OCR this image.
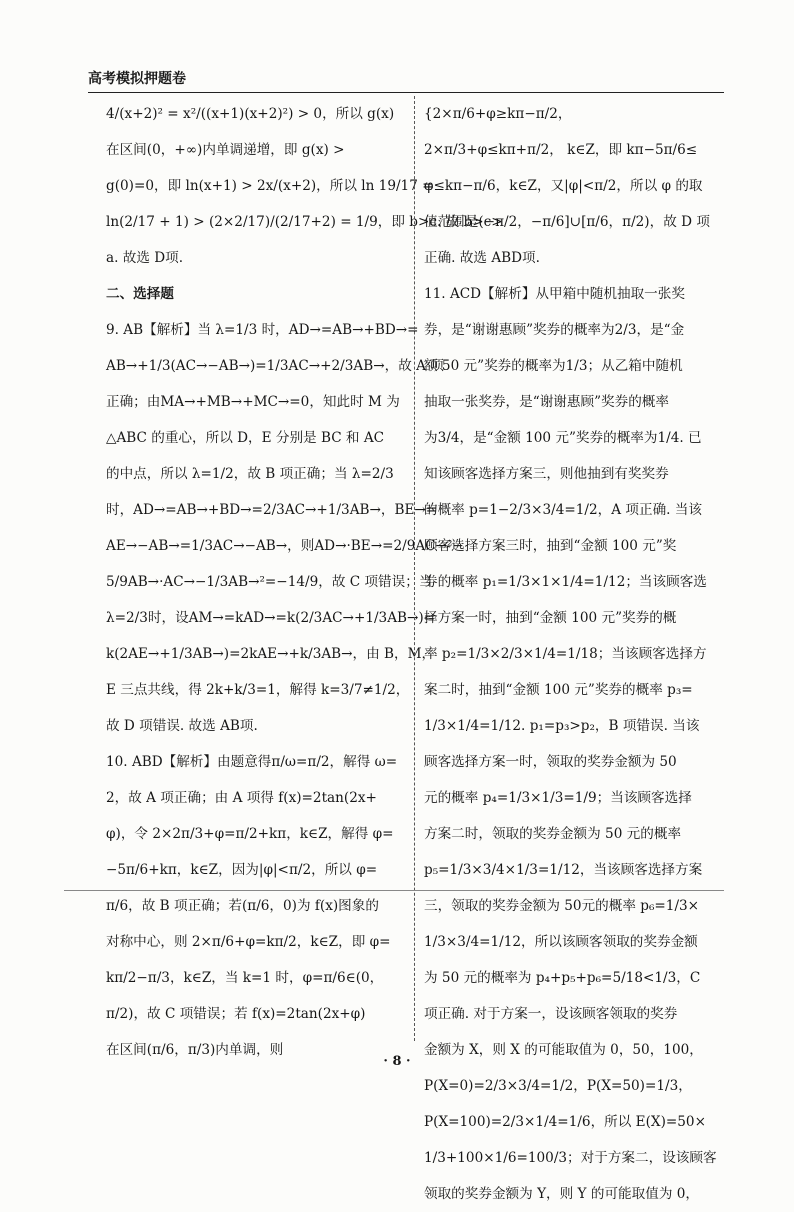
高考模拟押题卷
4/(x+2)² = x²/((x+1)(x+2)²) > 0，所以 g(x)
在区间(0，+∞)内单调递增，即 g(x) >
g(0)=0，即 ln(x+1) > 2x/(x+2)，所以 ln 19/17 =
ln(2/17 + 1) > (2×2/17)/(2/17+2) = 1/9，即 b>c. 故 b>c>
a. 故选 D项.
二、选择题
9. AB【解析】当 λ=1/3 时，AD→=AB→+BD→=
AB→+1/3(AC→−AB→)=1/3AC→+2/3AB→，故 A 项
正确；由MA→+MB→+MC→=0，知此时 M 为
△ABC 的重心，所以 D，E 分别是 BC 和 AC
的中点，所以 λ=1/2，故 B 项正确；当 λ=2/3
时，AD→=AB→+BD→=2/3AC→+1/3AB→，BE→=
AE→−AB→=1/3AC→−AB→，则AD→·BE→=2/9AC→²−
5/9AB→·AC→−1/3AB→²=−14/9，故 C 项错误；当
λ=2/3时，设AM→=kAD→=k(2/3AC→+1/3AB→)=
k(2AE→+1/3AB→)=2kAE→+k/3AB→，由 B，M，
E 三点共线，得 2k+k/3=1，解得 k=3/7≠1/2，
故 D 项错误. 故选 AB项.
10. ABD【解析】由题意得π/ω=π/2，解得 ω=
2，故 A 项正确；由 A 项得 f(x)=2tan(2x+
φ)，令 2×2π/3+φ=π/2+kπ，k∈Z，解得 φ=
−5π/6+kπ，k∈Z，因为|φ|<π/2，所以 φ=
π/6，故 B 项正确；若(π/6，0)为 f(x)图象的
对称中心，则 2×π/6+φ=kπ/2，k∈Z，即 φ=
kπ/2−π/3，k∈Z，当 k=1 时，φ=π/6∈(0，
π/2)，故 C 项错误；若 f(x)=2tan(2x+φ)
在区间(π/6，π/3)内单调，则
{2×π/6+φ≥kπ−π/2，
2×π/3+φ≤kπ+π/2， k∈Z，即 kπ−5π/6≤
φ≤kπ−π/6，k∈Z，又|φ|<π/2，所以 φ 的取
值范围是(−π/2，−π/6]∪[π/6，π/2)，故 D 项
正确. 故选 ABD项.
11. ACD【解析】从甲箱中随机抽取一张奖
券，是“谢谢惠顾”奖券的概率为2/3，是“金
额 50 元”奖券的概率为1/3；从乙箱中随机
抽取一张奖券，是“谢谢惠顾”奖券的概率
为3/4，是“金额 100 元”奖券的概率为1/4. 已
知该顾客选择方案三，则他抽到有奖奖券
的概率 p=1−2/3×3/4=1/2，A 项正确. 当该
顾客选择方案三时，抽到“金额 100 元”奖
券的概率 p₁=1/3×1×1/4=1/12；当该顾客选
择方案一时，抽到“金额 100 元”奖券的概
率 p₂=1/3×2/3×1/4=1/18；当该顾客选择方
案二时，抽到“金额 100 元”奖券的概率 p₃=
1/3×1/4=1/12. p₁=p₃>p₂，B 项错误. 当该
顾客选择方案一时，领取的奖券金额为 50
元的概率 p₄=1/3×1/3=1/9；当该顾客选择
方案二时，领取的奖券金额为 50 元的概率
p₅=1/3×3/4×1/3=1/12，当该顾客选择方案
三，领取的奖券金额为 50元的概率 p₆=1/3×
1/3×3/4=1/12，所以该顾客领取的奖券金额
为 50 元的概率为 p₄+p₅+p₆=5/18<1/3，C
项正确. 对于方案一，设该顾客领取的奖券
金额为 X，则 X 的可能取值为 0，50，100，
P(X=0)=2/3×3/4=1/2，P(X=50)=1/3，
P(X=100)=2/3×1/4=1/6，所以 E(X)=50×
1/3+100×1/6=100/3；对于方案二，设该顾客
领取的奖券金额为 Y，则 Y 的可能取值为 0，
· 8 ·
